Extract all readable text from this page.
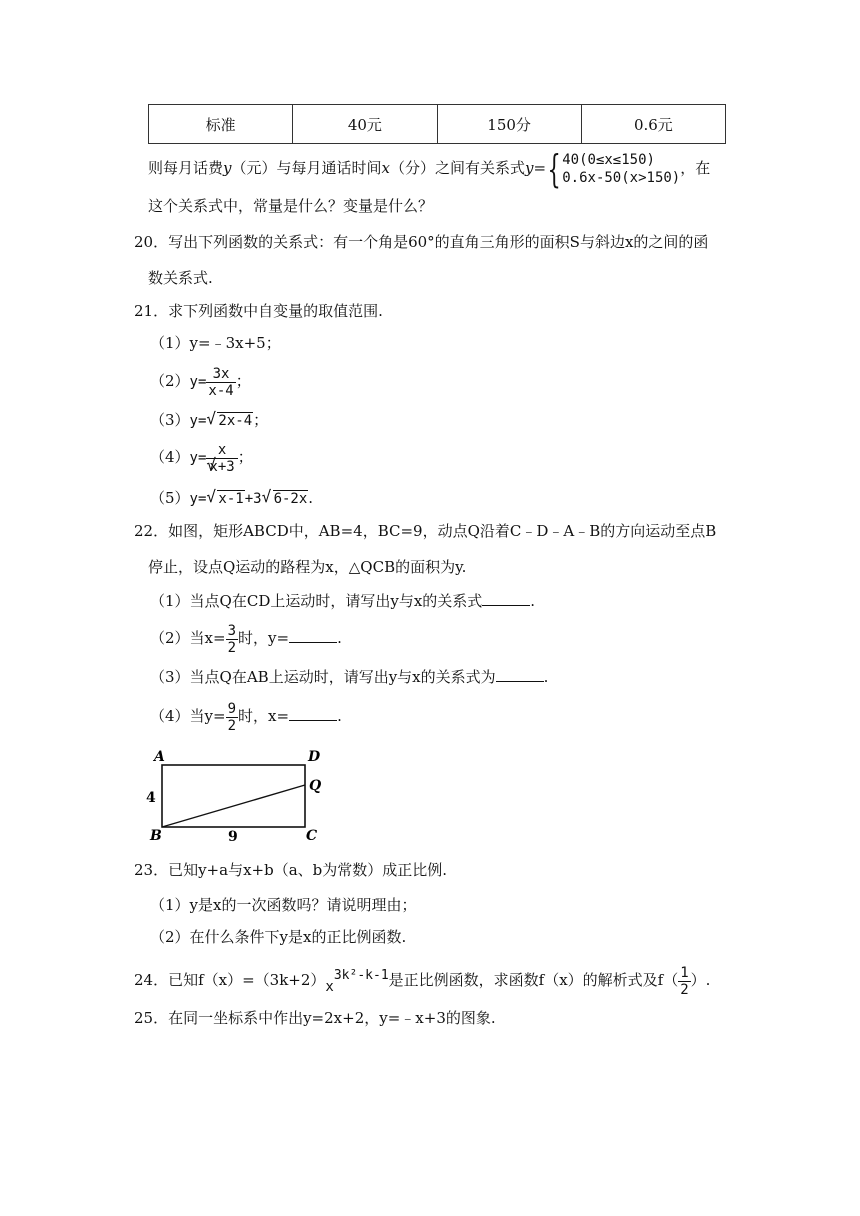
标准	40元	150分	0.6元
则每月话费y（元）与每月通话时间x（分）之间有关系式y={ 40(0≤x≤150)
0.6x-50(x>150)
，在
这个关系式中，常量是什么？变量是什么？
20．写出下列函数的关系式：有一个角是60°的直角三角形的面积S与斜边x的之间的函
数关系式.
21．求下列函数中自变量的取值范围.
（1）y=﹣3x+5；
$(2)y= \frac{3x}{x-4}$ ；
（3）y= √ 2x-4；
（4）y= x
√ x+3 ；
（5）y= √ x-1+3 √ 6-2x.
22．如图，矩形ABCD中，AB=4，BC=9，动点Q沿着C﹣D﹣A﹣B的方向运动至点B
停止，设点Q运动的路程为x，△QCB的面积为y.
（1）当点Q在CD上运动时，请写出y与x的关系式	.
（2）当$x= \frac{3}{2}$ 时，y=	.
（3）当点Q在AB上运动时，请写出y与x的关系式为	.
（4）当$y= \frac{9}{2}$ 时，x=	.
A	D
Q
B	C
4
9
23．已知y+a与x+b（a、b为常数）成正比例.
（1）y是x的一次函数吗？请说明理由；
（2）在什么条件下y是x的正比例函数.
24．已知$f(x)=(3k+2)x^{3k^2-k-1}$是正比例函数，求函数f（x）的解析式及$f( \frac{1}{2}$ ）.
25．在同一坐标系中作出y=2x+2，y=﹣x+3的图象.
